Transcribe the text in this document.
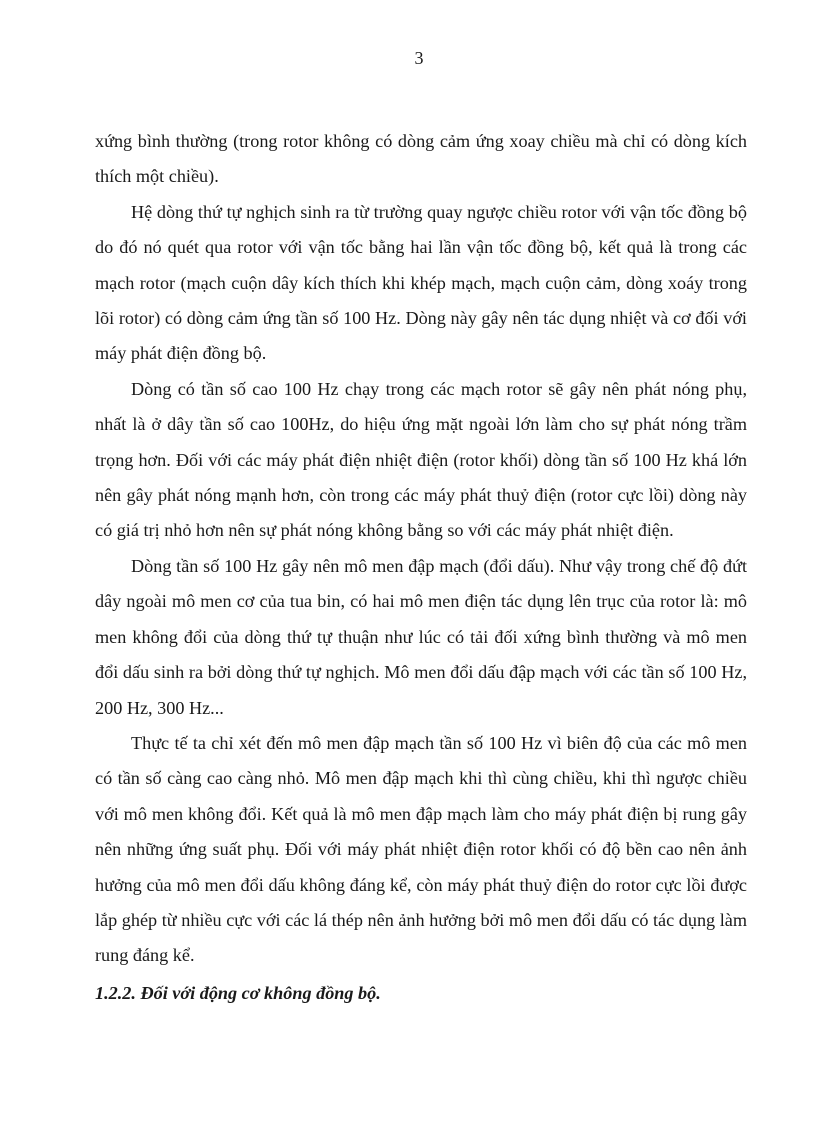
3

xứng bình thường (trong rotor không có dòng cảm ứng xoay chiều mà chỉ có dòng kích thích một chiều).

Hệ dòng thứ tự nghịch sinh ra từ trường quay ngược chiều rotor với vận tốc đồng bộ do đó nó quét qua rotor với vận tốc bằng hai lần vận tốc đồng bộ, kết quả là trong các mạch rotor (mạch cuộn dây kích thích khi khép mạch, mạch cuộn cảm, dòng xoáy trong lõi rotor) có dòng cảm ứng tần số 100 Hz. Dòng này gây nên tác dụng nhiệt và cơ đối với máy phát điện đồng bộ.

Dòng có tần số cao 100 Hz chạy trong các mạch rotor sẽ gây nên phát nóng phụ, nhất là ở dây tần số cao 100Hz, do hiệu ứng mặt ngoài lớn làm cho sự phát nóng trầm trọng hơn. Đối với các máy phát điện nhiệt điện (rotor khối) dòng tần số 100 Hz khá lớn nên gây phát nóng mạnh hơn, còn trong các máy phát thuỷ điện (rotor cực lồi) dòng này có giá trị nhỏ hơn nên sự phát nóng không bằng so với các máy phát nhiệt điện.

Dòng tần số 100 Hz gây nên mô men đập mạch (đổi dấu). Như vậy trong chế độ đứt dây ngoài mô men cơ của tua bin, có hai mô men điện tác dụng lên trục của rotor là: mô men không đổi của dòng thứ tự thuận như lúc có tải đối xứng bình thường và mô men đổi dấu sinh ra bởi dòng thứ tự nghịch. Mô men đổi dấu đập mạch với các tần số 100 Hz, 200 Hz, 300 Hz...

Thực tế ta chỉ xét đến mô men đập mạch tần số 100 Hz vì biên độ của các mô men có tần số càng cao càng nhỏ. Mô men đập mạch khi thì cùng chiều, khi thì ngược chiều với mô men không đổi. Kết quả là mô men đập mạch làm cho máy phát điện bị rung gây nên những ứng suất phụ. Đối với máy phát nhiệt điện rotor khối có độ bền cao nên ảnh hưởng của mô men đổi dấu không đáng kể, còn máy phát thuỷ điện do rotor cực lồi được lắp ghép từ nhiều cực với các lá thép nên ảnh hưởng bởi mô men đổi dấu có tác dụng làm rung đáng kể.

1.2.2. Đối với động cơ không đồng bộ.
